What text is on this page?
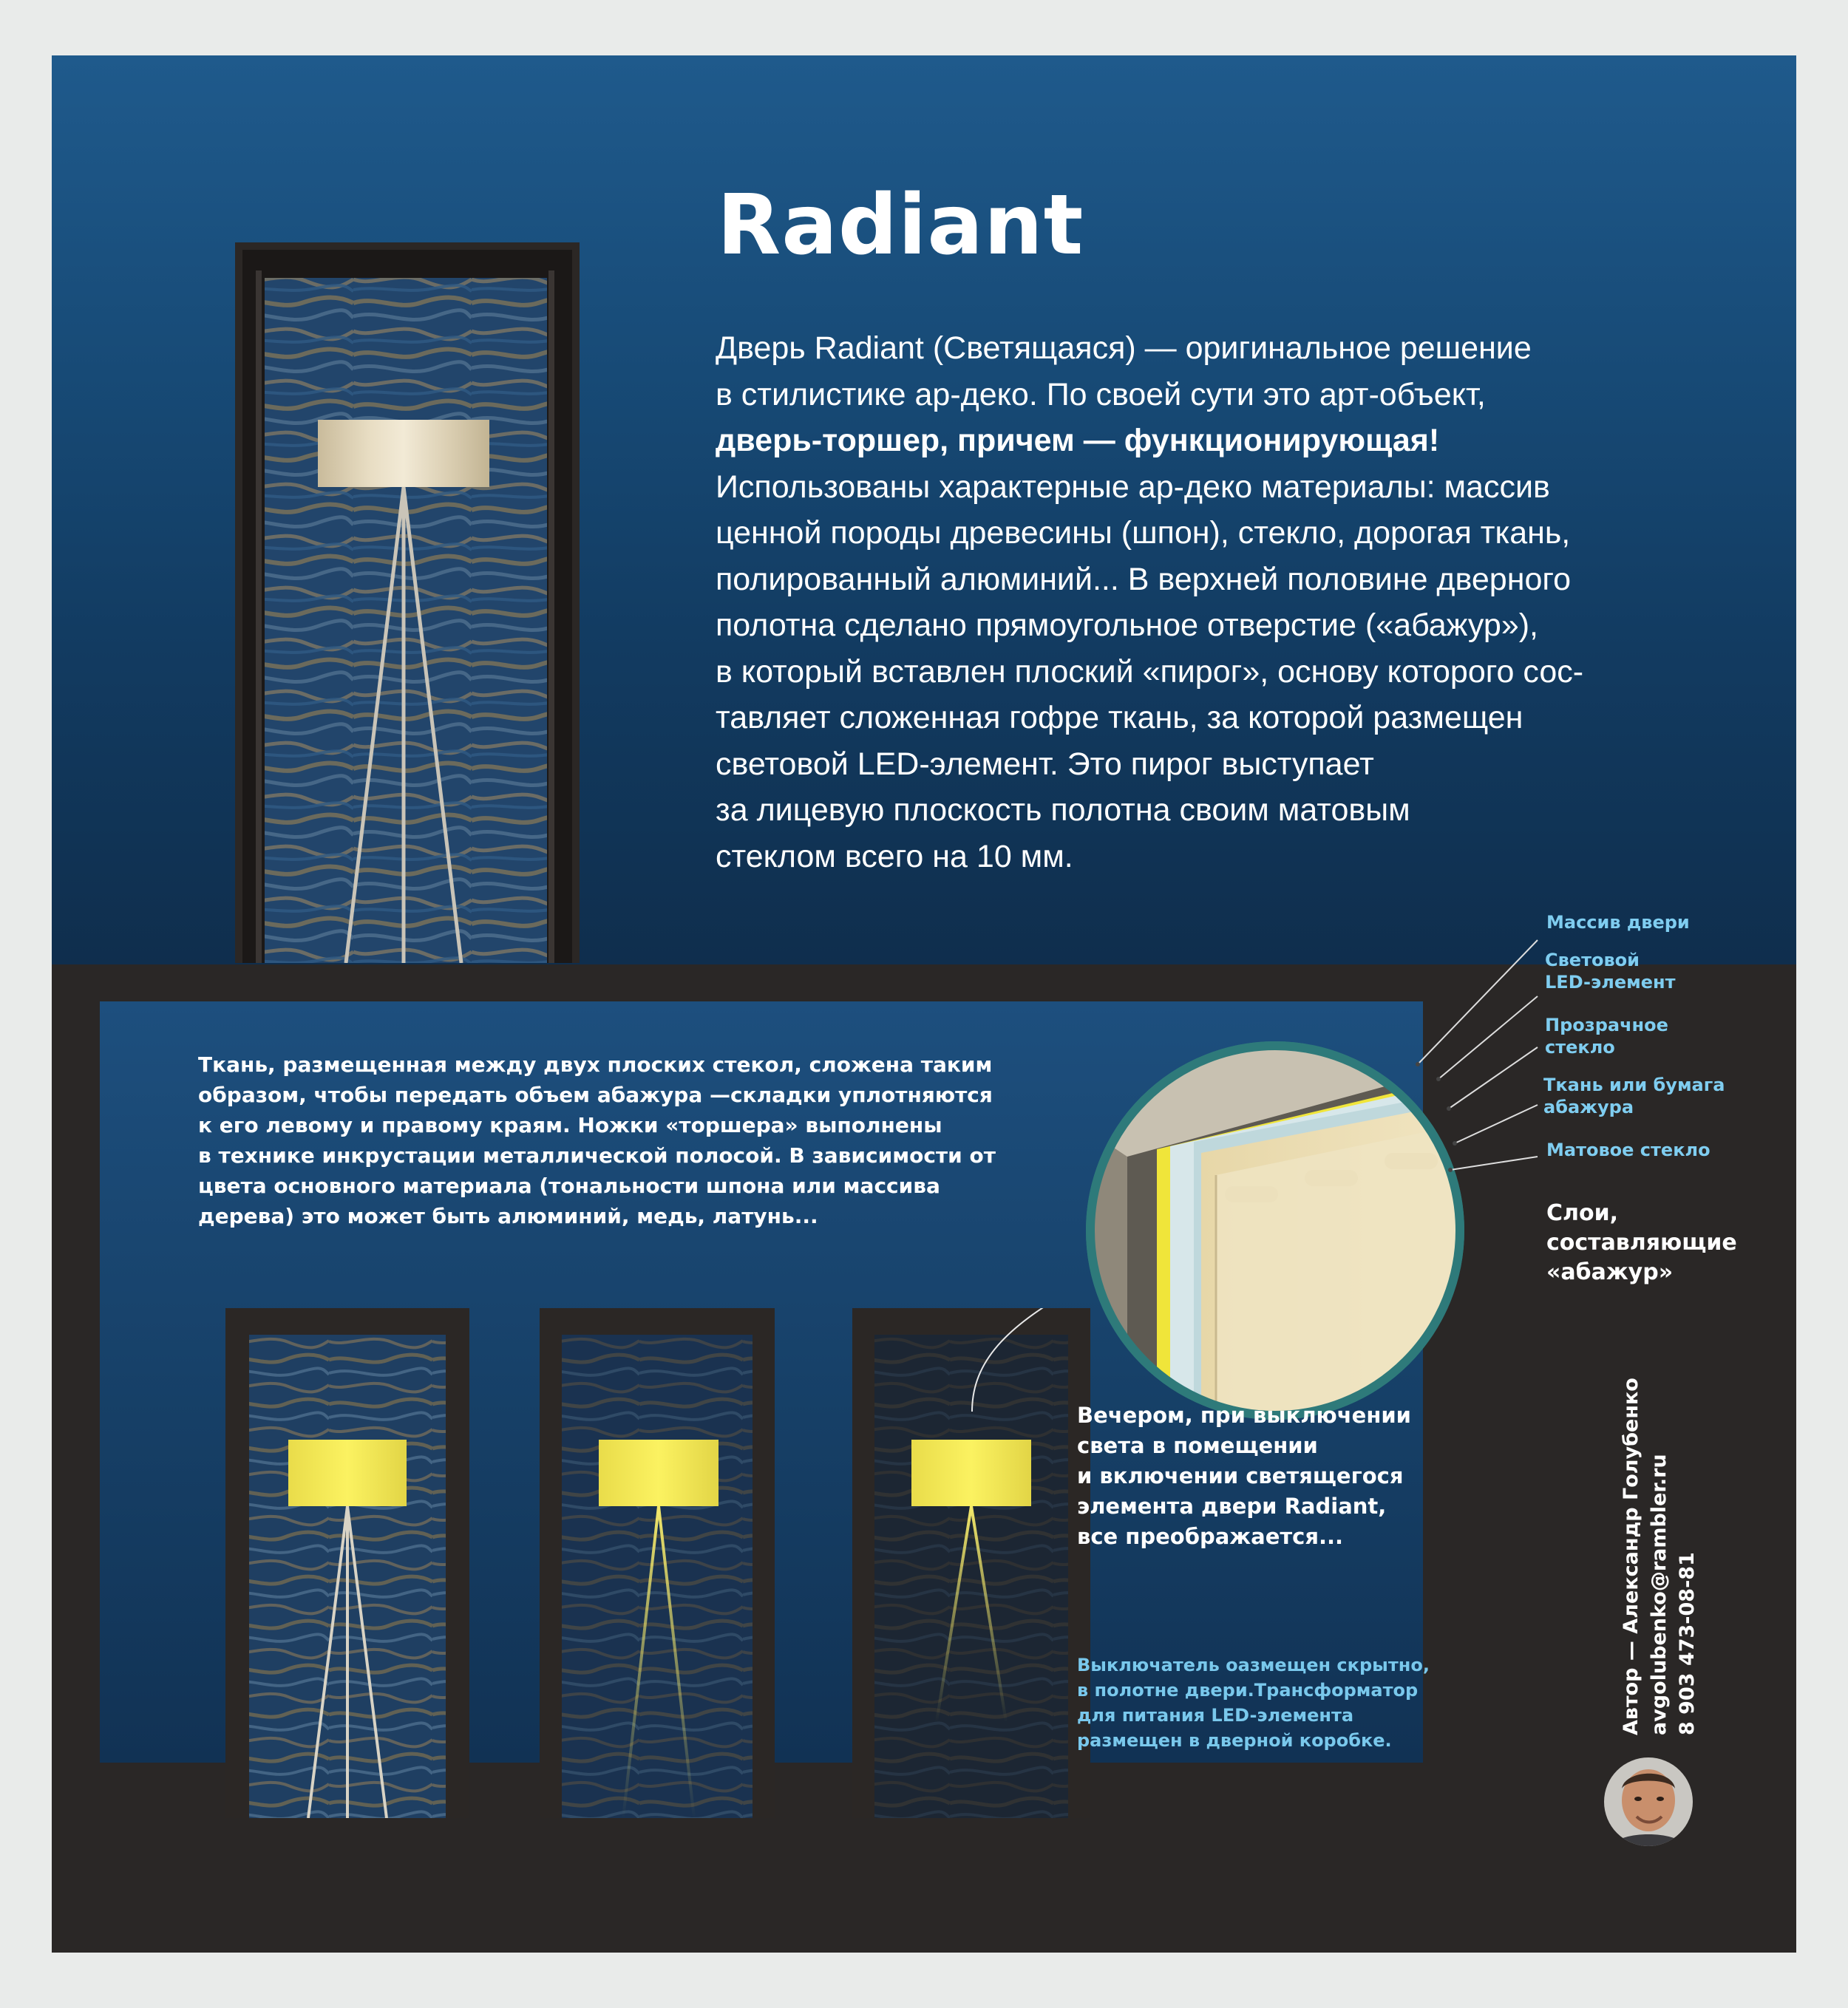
Radiant

Дверь Radiant (Светящаяся) — оригинальное решение

в стилистике ар-деко. По своей сути это арт-объект,

дверь-торшер, причем — функционирующая!

Использованы характерные ар-деко материалы: массив

ценной породы древесины (шпон), стекло, дорогая ткань,

полированный алюминий... В верхней половине дверного

полотна сделано прямоугольное отверстие («абажур»),

в который вставлен плоский «пирог», основу которого сос-

тавляет сложенная гофре ткань, за которой размещен

световой LED-элемент. Это пирог выступает

за лицевую плоскость полотна своим матовым

стеклом всего на 10 мм.

Ткань, размещенная между двух плоских стекол, сложена таким

образом, чтобы передать объем абажура —складки уплотняются

к его левому и правому краям. Ножки «торшера» выполнены

в технике инкрустации металлической полосой. В зависимости от

цвета основного материала (тональности шпона или массива

дерева) это может быть алюминий, медь, латунь...

Массив двери
Световой
LED-элемент
Прозрачное
стекло
Ткань или бумага
абажура
Матовое стекло

Слои,

составляющие

«абажур»

Вечером, при выключении

света в помещении

и включении светящегося

элемента двери Radiant,

все преображается...

Выключатель оазмещен скрытно,

в полотне двери.Трансформатор

для питания LED-элемента

размещен в дверной коробке.

Автор — Александр Голубенко avgolubenko@rambler.ru 8 903 473-08-81
